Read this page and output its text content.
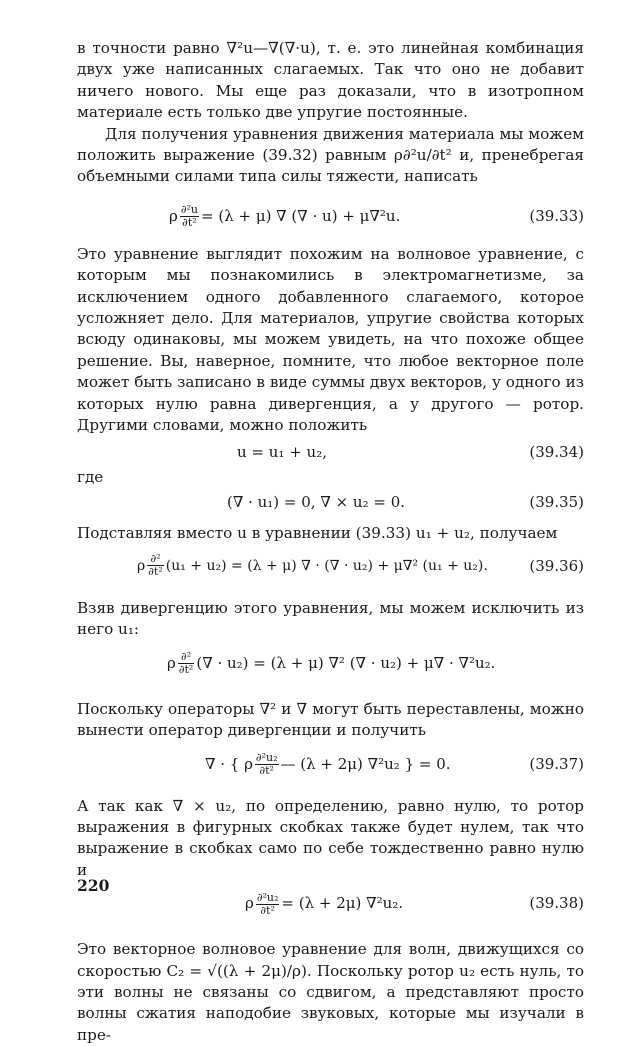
в точности равно ∇²u—∇(∇·u), т. е. это линейная комбинация двух уже написанных слагаемых. Так что оно не добавит ничего нового. Мы еще раз доказали, что в изотропном материале есть только две упругие постоянные.

Для получения уравнения движения материала мы можем положить выражение (39.32) равным ρ∂²u/∂t² и, пренебрегая объемными силами типа силы тяжести, написать

ρ $\frac{\text{∂²u}}{\text{∂t²}} = (\lambda + \mu)$ ∇ (∇ · u) + μ∇²u.	(39.33)

Это уравнение выглядит похожим на волновое уравнение, с которым мы познакомились в электромагнетизме, за исключением одного добавленного слагаемого, которое усложняет дело. Для материалов, упругие свойства которых всюду одинаковы, мы можем увидеть, на что похоже общее решение. Вы, наверное, помните, что любое векторное поле может быть записано в виде суммы двух векторов, у одного из которых нулю равна дивергенция, а у другого — ротор. Другими словами, можно положить

u = u₁ + u₂,	(39.34)
где
(∇ · u₁) = 0, ∇ × u₂ = 0.	(39.35)

Подставляя вместо u в уравнении (39.33) u₁ + u₂, получаем

ρ $\frac{\text{∂²}}{\text{∂t²}} (u_1 + u_2) = (\lambda + \mu)$ ∇ · (∇ · u₂) + μ∇² (u₁ + u₂).	(39.36)

Взяв дивергенцию этого уравнения, мы можем исключить из него u₁:

ρ $\frac{\text{∂²}}{\text{∂t²}}$ (∇ · u₂) = (λ + μ) ∇² (∇ · u₂) + μ∇ · ∇²u₂.

Поскольку операторы ∇² и ∇ могут быть переставлены, можно вынести оператор дивергенции и получить

∇ · { ρ $\frac{\text{∂²u₂}}{\text{∂t²}}$ — (λ + 2μ) ∇²u₂ } = 0.	(39.37)

А так как ∇ × u₂, по определению, равно нулю, то ротор выражения в фигурных скобках также будет нулем, так что выражение в скобках само по себе тождественно равно нулю и

ρ $\frac{\text{∂²u₂}}{\text{∂t²}} = (\lambda + 2\mu)$ ∇²u₂.	(39.38)

Это векторное волновое уравнение для волн, движущихся со скоростью C₂ = √((λ + 2μ)/ρ). Поскольку ротор u₂ есть нуль, то эти волны не связаны со сдвигом, а представляют просто волны сжатия наподобие звуковых, которые мы изучали в пре-

220
